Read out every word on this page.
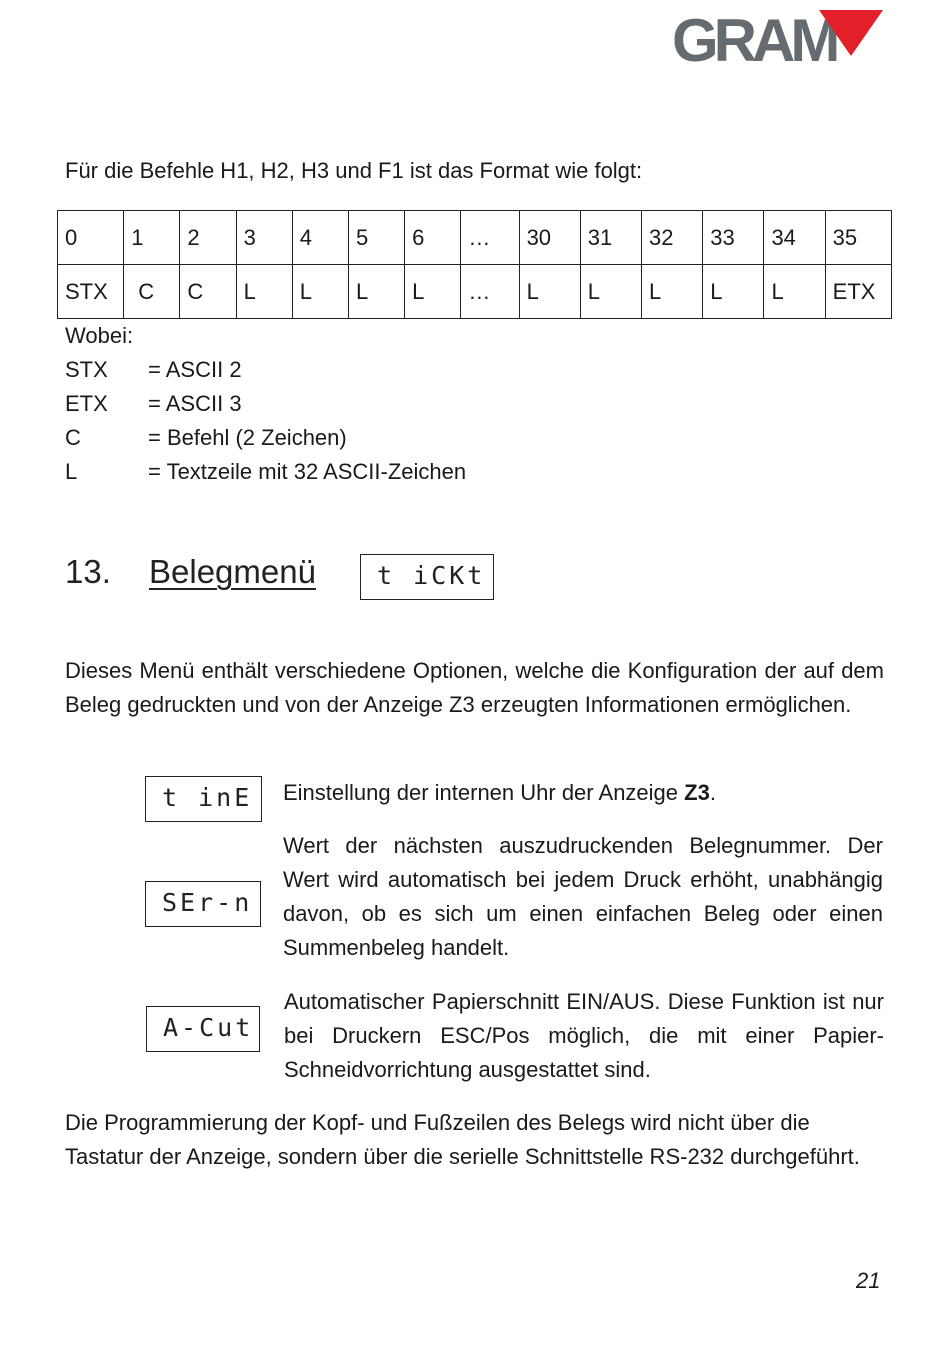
GRAM
Für die Befehle H1, H2, H3 und F1 ist das Format wie folgt:
0	1	2	3	4	5	6	…	30	31	32	33	34	35
STX	C	C	L	L	L	L	…	L	L	L	L	L	ETX
Wobei:
STX = ASCII 2
ETX = ASCII 3
C	= Befehl (2 Zeichen)
L	= Textzeile mit 32 ASCII-Zeichen
13. Belegmenü	t iCKt
Dieses Menü enthält verschiedene Optionen, welche die Konfiguration der auf dem Beleg gedruckten und von der Anzeige Z3 erzeugten Informationen ermöglichen.
t inE	Einstellung der internen Uhr der Anzeige Z3.
SEr-n
Wert der nächsten auszudruckenden Belegnummer. Der Wert wird automatisch bei jedem Druck erhöht, unabhängig davon, ob es sich um einen einfachen Beleg oder einen Summenbeleg handelt.
A-Cut
Automatischer Papierschnitt EIN/AUS. Diese Funktion ist nur bei Druckern ESC/Pos möglich, die mit einer Papier-Schneidvorrichtung ausgestattet sind.
Die Programmierung der Kopf- und Fußzeilen des Belegs wird nicht über die Tastatur der Anzeige, sondern über die serielle Schnittstelle RS-232 durchgeführt.
21
